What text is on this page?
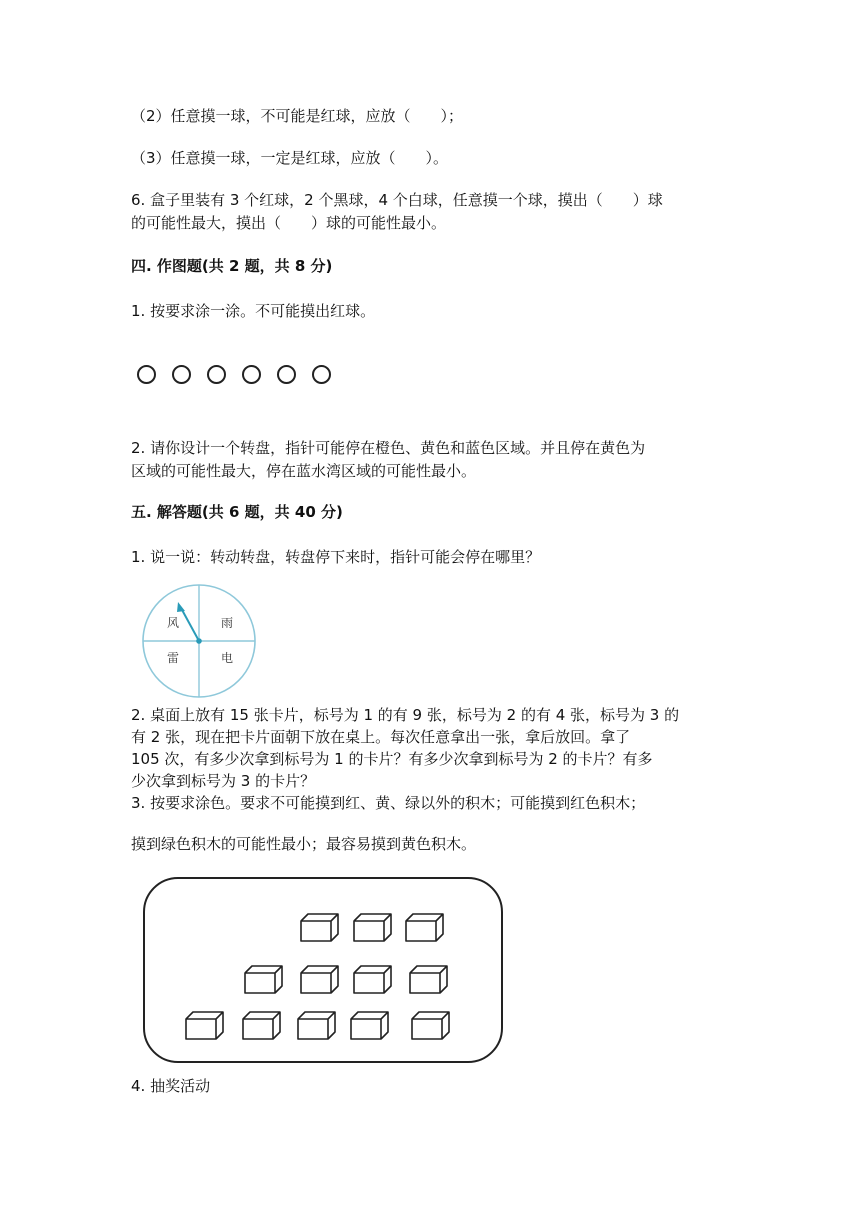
（2）任意摸一球，不可能是红球，应放（　　）；
（3）任意摸一球，一定是红球，应放（　　）。
6. 盒子里装有 3 个红球，2 个黑球，4 个白球，任意摸一个球，摸出（　　）球
的可能性最大，摸出（　　）球的可能性最小。
四. 作图题(共 2 题，共 8 分)
1. 按要求涂一涂。不可能摸出红球。
2. 请你设计一个转盘，指针可能停在橙色、黄色和蓝色区域。并且停在黄色为
区域的可能性最大，停在蓝水湾区域的可能性最小。
五. 解答题(共 6 题，共 40 分)
1. 说一说：转动转盘，转盘停下来时，指针可能会停在哪里？
风	雨
雷	电
2. 桌面上放有 15 张卡片，标号为 1 的有 9 张，标号为 2 的有 4 张，标号为 3 的
有 2 张，现在把卡片面朝下放在桌上。每次任意拿出一张，拿后放回。拿了
105 次，有多少次拿到标号为 1 的卡片？有多少次拿到标号为 2 的卡片？有多
少次拿到标号为 3 的卡片？
3. 按要求涂色。要求不可能摸到红、黄、绿以外的积木；可能摸到红色积木；
摸到绿色积木的可能性最小；最容易摸到黄色积木。
4. 抽奖活动
